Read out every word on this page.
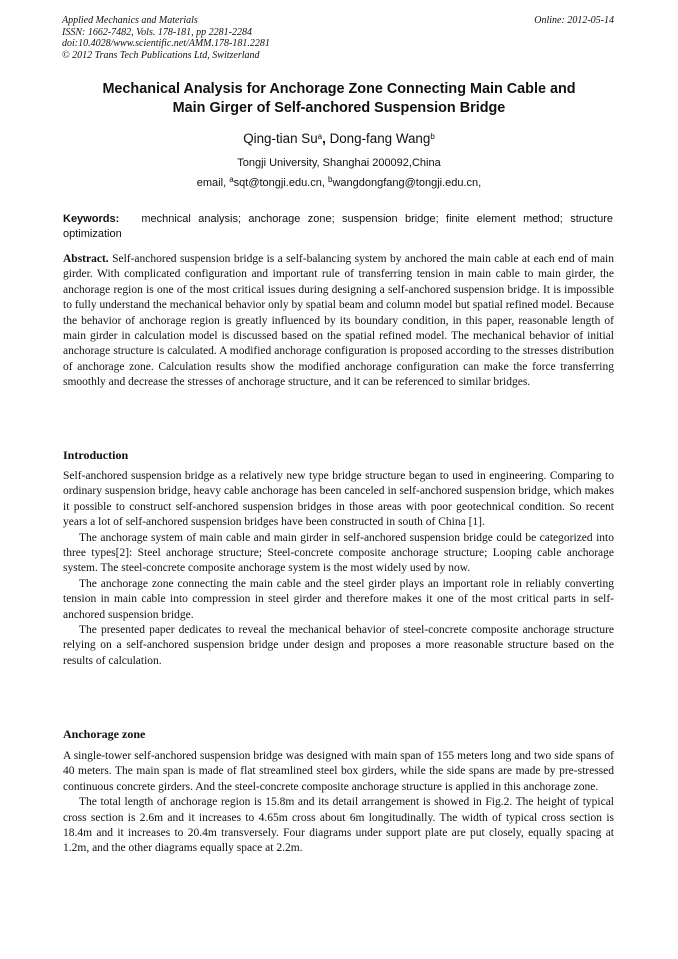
Applied Mechanics and Materials
ISSN: 1662-7482, Vols. 178-181, pp 2281-2284
doi:10.4028/www.scientific.net/AMM.178-181.2281
© 2012 Trans Tech Publications Ltd, Switzerland
Online: 2012-05-14
Mechanical Analysis for Anchorage Zone Connecting Main Cable and
Main Girger of Self-anchored Suspension Bridge
Qing-tian Su$^a$, Dong-fang Wang$^b$
Tongji University, Shanghai 200092,China
email, $^a$sqt@tongji.edu.cn, $^b$wangdongfang@tongji.edu.cn,
Keywords: mechnical analysis; anchorage zone; suspension bridge; finite element method; structure optimization
Abstract. Self-anchored suspension bridge is a self-balancing system by anchored the main cable at each end of main girder. With complicated configuration and important rule of transferring tension in main cable to main girder, the anchorage region is one of the most critical issues during designing a self-anchored suspension bridge. It is impossible to fully understand the mechanical behavior only by spatial beam and column model but spatial refined model. Because the behavior of anchorage region is greatly influenced by its boundary condition, in this paper, reasonable length of main girder in calculation model is discussed based on the spatial refined model. The mechanical behavior of initial anchorage structure is calculated. A modified anchorage configuration is proposed according to the stresses distribution of anchorage zone. Calculation results show the modified anchorage configuration can make the force transferring smoothly and decrease the stresses of anchorage structure, and it can be referenced to similar bridges.
Introduction

Self-anchored suspension bridge as a relatively new type bridge structure began to used in engineering. Comparing to ordinary suspension bridge, heavy cable anchorage has been canceled in self-anchored suspension bridge, which makes it possible to construct self-anchored suspension bridges in those areas with poor geotechnical condition. So recent years a lot of self-anchored suspension bridges have been constructed in south of China [1].

The anchorage system of main cable and main girder in self-anchored suspension bridge could be categorized into three types[2]: Steel anchorage structure; Steel-concrete composite anchorage structure; Looping cable anchorage system. The steel-concrete composite anchorage system is the most widely used by now.

The anchorage zone connecting the main cable and the steel girder plays an important role in reliably converting tension in main cable into compression in steel girder and therefore makes it one of the most critical parts in self-anchored suspension bridge.

The presented paper dedicates to reveal the mechanical behavior of steel-concrete composite anchorage structure relying on a self-anchored suspension bridge under design and proposes a more reasonable structure based on the results of calculation.

Anchorage zone

A single-tower self-anchored suspension bridge was designed with main span of 155 meters long and two side spans of 40 meters. The main span is made of flat streamlined steel box girders, while the side spans are made by pre-stressed continuous concrete girders. And the steel-concrete composite anchorage structure is applied in this anchorage zone.

The total length of anchorage region is 15.8m and its detail arrangement is showed in Fig.2. The height of typical cross section is 2.6m and it increases to 4.65m cross about 6m longitudinally. The width of typical cross section is 18.4m and it increases to 20.4m transversely. Four diagrams under support plate are put closely, equally spacing at 1.2m, and the other diagrams equally space at 2.2m.
